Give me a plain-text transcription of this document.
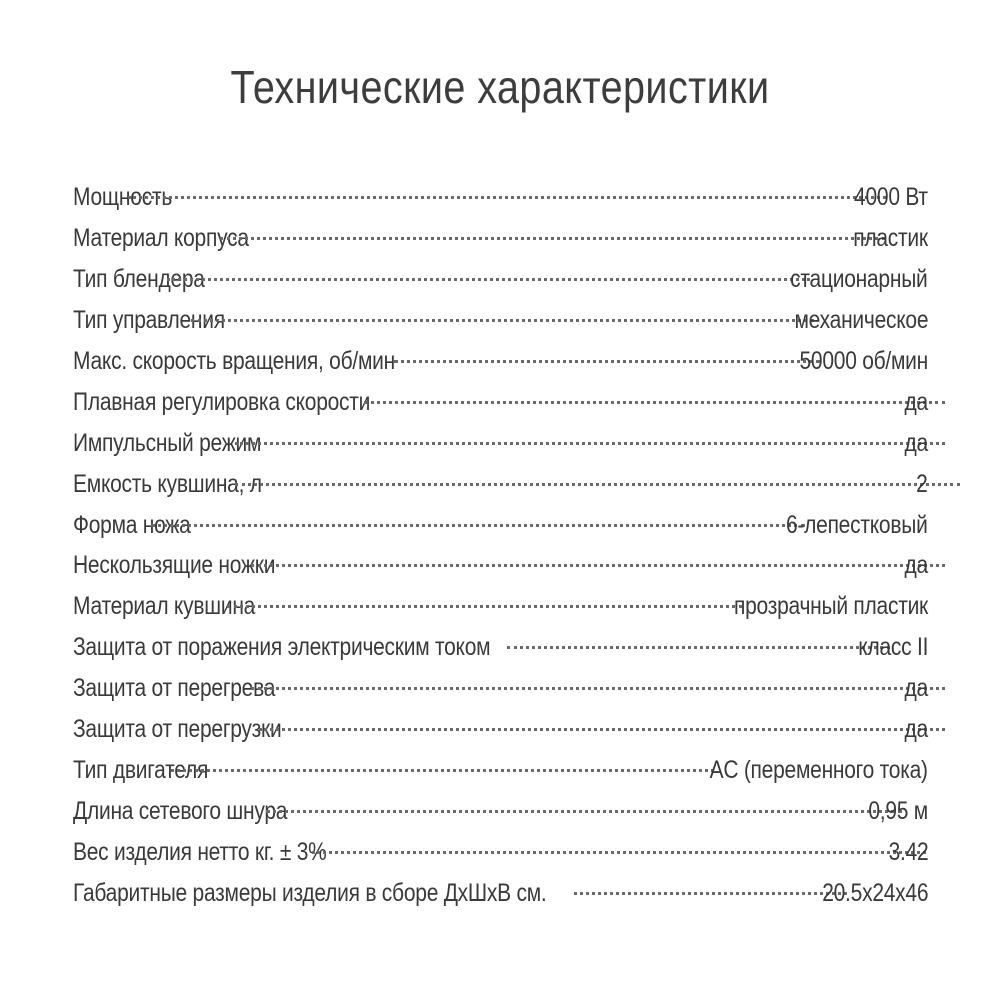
Технические характеристики
Мощность	4000 Вт
Материал корпуса	пластик
Тип блендера	стационарный
Тип управления	механическое
Макс. скорость вращения, об/мин	50000 об/мин
Плавная регулировка скорости	да
Импульсный режим	да
Емкость кувшина, л	2
Форма ножа	6-лепестковый
Нескользящие ножки	да
Материал кувшина	прозрачный пластик
Защита от поражения электрическим током	класс II
Защита от перегрева	да
Защита от перегрузки	да
Тип двигателя	AC (переменного тока)
Длина сетевого шнура	0,95 м
Вес изделия нетто кг. ± 3%	3.42
Габаритные размеры изделия в сборе ДхШхВ см.	20.5x24x46
